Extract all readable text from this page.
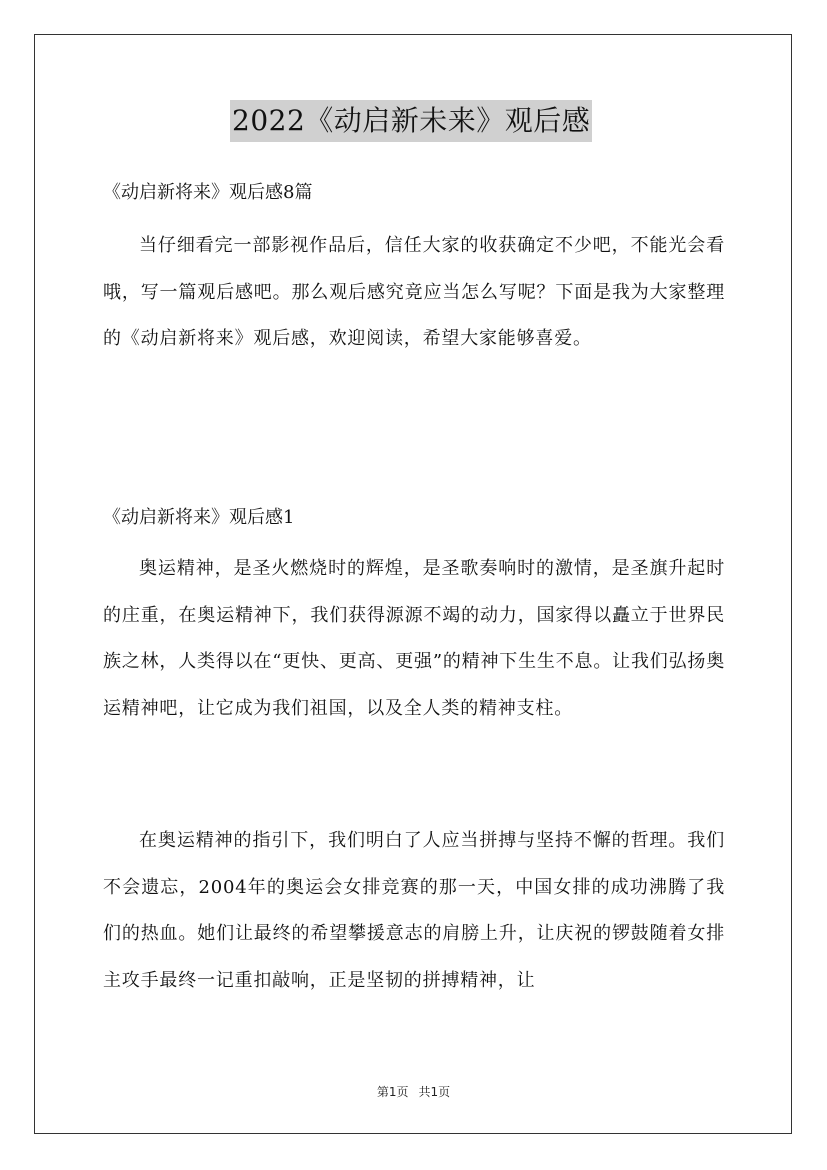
2022《动启新未来》观后感
《动启新将来》观后感8篇

当仔细看完一部影视作品后，信任大家的收获确定不少吧，不能光会看哦，写一篇观后感吧。那么观后感究竟应当怎么写呢？下面是我为大家整理的《动启新将来》观后感，欢迎阅读，希望大家能够喜爱。

《动启新将来》观后感1

奥运精神，是圣火燃烧时的辉煌，是圣歌奏响时的激情，是圣旗升起时的庄重，在奥运精神下，我们获得源源不竭的动力，国家得以矗立于世界民族之林，人类得以在“更快、更高、更强”的精神下生生不息。让我们弘扬奥运精神吧，让它成为我们祖国，以及全人类的精神支柱。

在奥运精神的指引下，我们明白了人应当拼搏与坚持不懈的哲理。我们不会遗忘，2004年的奥运会女排竞赛的那一天，中国女排的成功沸腾了我们的热血。她们让最终的希望攀援意志的肩膀上升，让庆祝的锣鼓随着女排主攻手最终一记重扣敲响，正是坚韧的拼搏精神，让

第1页 共1页
